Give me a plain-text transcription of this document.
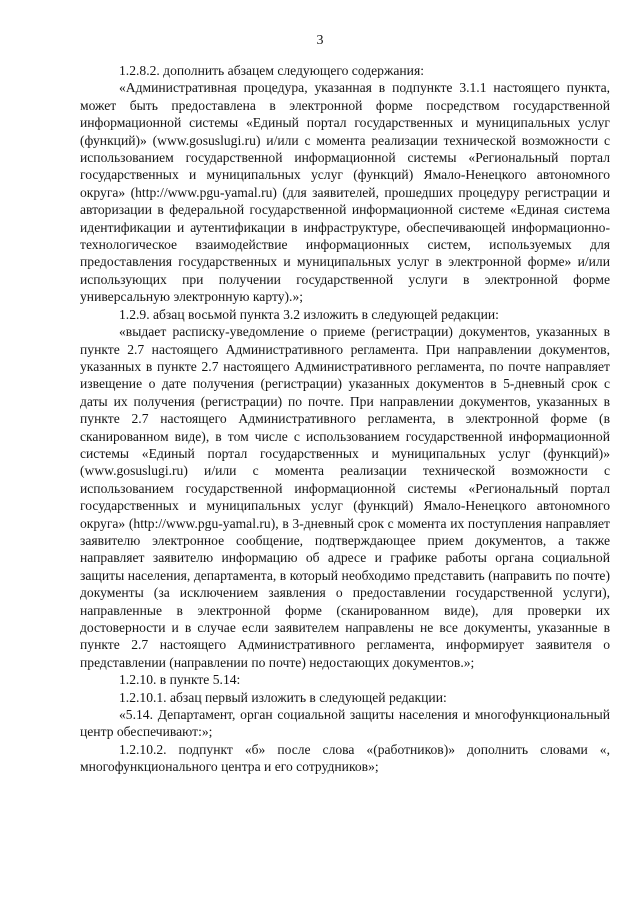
3

1.2.8.2. дополнить абзацем следующего содержания:

«Административная процедура, указанная в подпункте 3.1.1 настоящего пункта, может быть предоставлена в электронной форме посредством государственной информационной системы «Единый портал государственных и муниципальных услуг (функций)» (www.gosuslugi.ru) и/или с момента реализации технической возможности с использованием государственной информационной системы «Региональный портал государственных и муниципальных услуг (функций) Ямало-Ненецкого автономного округа» (http://www.pgu-yamal.ru) (для заявителей, прошедших процедуру регистрации и авторизации в федеральной государственной информационной системе «Единая система идентификации и аутентификации в инфраструктуре, обеспечивающей информационно-технологическое взаимодействие информационных систем, используемых для предоставления государственных и муниципальных услуг в электронной форме» и/или использующих при получении государственной услуги в электронной форме универсальную электронную карту).»;

1.2.9. абзац восьмой пункта 3.2 изложить в следующей редакции:

«выдает расписку-уведомление о приеме (регистрации) документов, указанных в пункте 2.7 настоящего Административного регламента. При направлении документов, указанных в пункте 2.7 настоящего Административного регламента, по почте направляет извещение о дате получения (регистрации) указанных документов в 5-дневный срок с даты их получения (регистрации) по почте. При направлении документов, указанных в пункте 2.7 настоящего Административного регламента, в электронной форме (в сканированном виде), в том числе с использованием государственной информационной системы «Единый портал государственных и муниципальных услуг (функций)» (www.gosuslugi.ru) и/или с момента реализации технической возможности с использованием государственной информационной системы «Региональный портал государственных и муниципальных услуг (функций) Ямало-Ненецкого автономного округа» (http://www.pgu-yamal.ru), в 3-дневный срок с момента их поступления направляет заявителю электронное сообщение, подтверждающее прием документов, а также направляет заявителю информацию об адресе и графике работы органа социальной защиты населения, департамента, в который необходимо представить (направить по почте) документы (за исключением заявления о предоставлении государственной услуги), направленные в электронной форме (сканированном виде), для проверки их достоверности и в случае если заявителем направлены не все документы, указанные в пункте 2.7 настоящего Административного регламента, информирует заявителя о представлении (направлении по почте) недостающих документов.»;

1.2.10. в пункте 5.14:

1.2.10.1. абзац первый изложить в следующей редакции:

«5.14. Департамент, орган социальной защиты населения и многофункциональный центр обеспечивают:»;

1.2.10.2. подпункт «б» после слова «(работников)» дополнить словами «, многофункционального центра и его сотрудников»;
